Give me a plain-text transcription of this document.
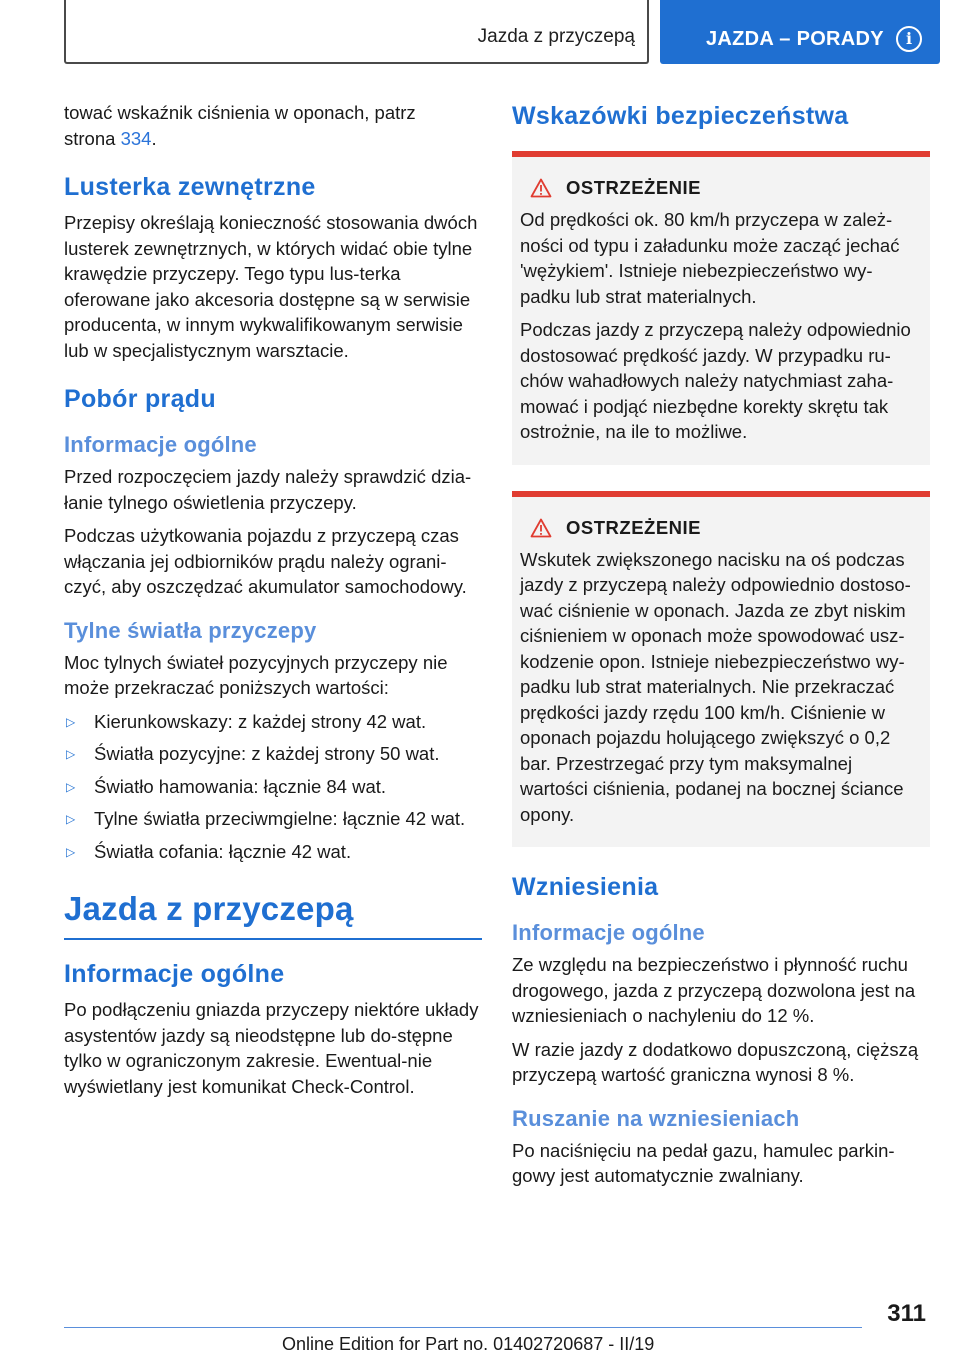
Jazda z przyczepą	JAZDA – PORADY	i

tować wskaźnik ciśnienia w oponach, patrz
strona 334.

Lusterka zewnętrzne

Przepisy określają konieczność stosowania dwóch lusterek zewnętrznych, w których widać obie tylne krawędzie przyczepy. Tego typu lus-terka oferowane jako akcesoria dostępne są w serwisie producenta, w innym wykwalifikowanym serwisie lub w specjalistycznym warsztacie.

Pobór prądu
Informacje ogólne

Przed rozpoczęciem jazdy należy sprawdzić dzia-łanie tylnego oświetlenia przyczepy.

Podczas użytkowania pojazdu z przyczepą czas włączania jej odbiorników prądu należy ograni-czyć, aby oszczędzać akumulator samochodowy.

Tylne światła przyczepy

Moc tylnych świateł pozycyjnych przyczepy nie może przekraczać poniższych wartości:

▷ Kierunkowskazy: z każdej strony 42 wat.
▷ Światła pozycyjne: z każdej strony 50 wat.
▷ Światło hamowania: łącznie 84 wat.
▷ Tylne światła przeciwmgielne: łącznie 42 wat.
▷ Światła cofania: łącznie 42 wat.
Jazda z przyczepą
Informacje ogólne

Po podłączeniu gniazda przyczepy niektóre układy asystentów jazdy są nieodstępne lub do-stępne tylko w ograniczonym zakresie. Ewentual-nie wyświetlany jest komunikat Check-Control.

Wskazówki bezpieczeństwa
OSTRZEŻENIE

Od prędkości ok. 80 km/h przyczepa w zależ-ności od typu i załadunku może zacząć jechać 'wężykiem'. Istnieje niebezpieczeństwo wy-padku lub strat materialnych.

Podczas jazdy z przyczepą należy odpowiednio dostosować prędkość jazdy. W przypadku ru-chów wahadłowych należy natychmiast zaha-mować i podjąć niezbędne korekty skrętu tak ostrożnie, na ile to możliwe.

OSTRZEŻENIE

Wskutek zwiększonego nacisku na oś podczas jazdy z przyczepą należy odpowiednio dostoso-wać ciśnienie w oponach. Jazda ze zbyt niskim ciśnieniem w oponach może spowodować usz-kodzenie opon. Istnieje niebezpieczeństwo wy-padku lub strat materialnych. Nie przekraczać prędkości jazdy rzędu 100 km/h. Ciśnienie w oponach pojazdu holującego zwiększyć o 0,2 bar. Przestrzegać przy tym maksymalnej wartości ciśnienia, podanej na bocznej ściance opony.

Wzniesienia
Informacje ogólne

Ze względu na bezpieczeństwo i płynność ruchu drogowego, jazda z przyczepą dozwolona jest na wzniesieniach o nachyleniu do 12 %.

W razie jazdy z dodatkowo dopuszczoną, cięższą przyczepą wartość graniczna wynosi 8 %.

Ruszanie na wzniesieniach

Po naciśnięciu na pedał gazu, hamulec parkin-gowy jest automatycznie zwalniany.

311
Online Edition for Part no. 01402720687 - II/19
